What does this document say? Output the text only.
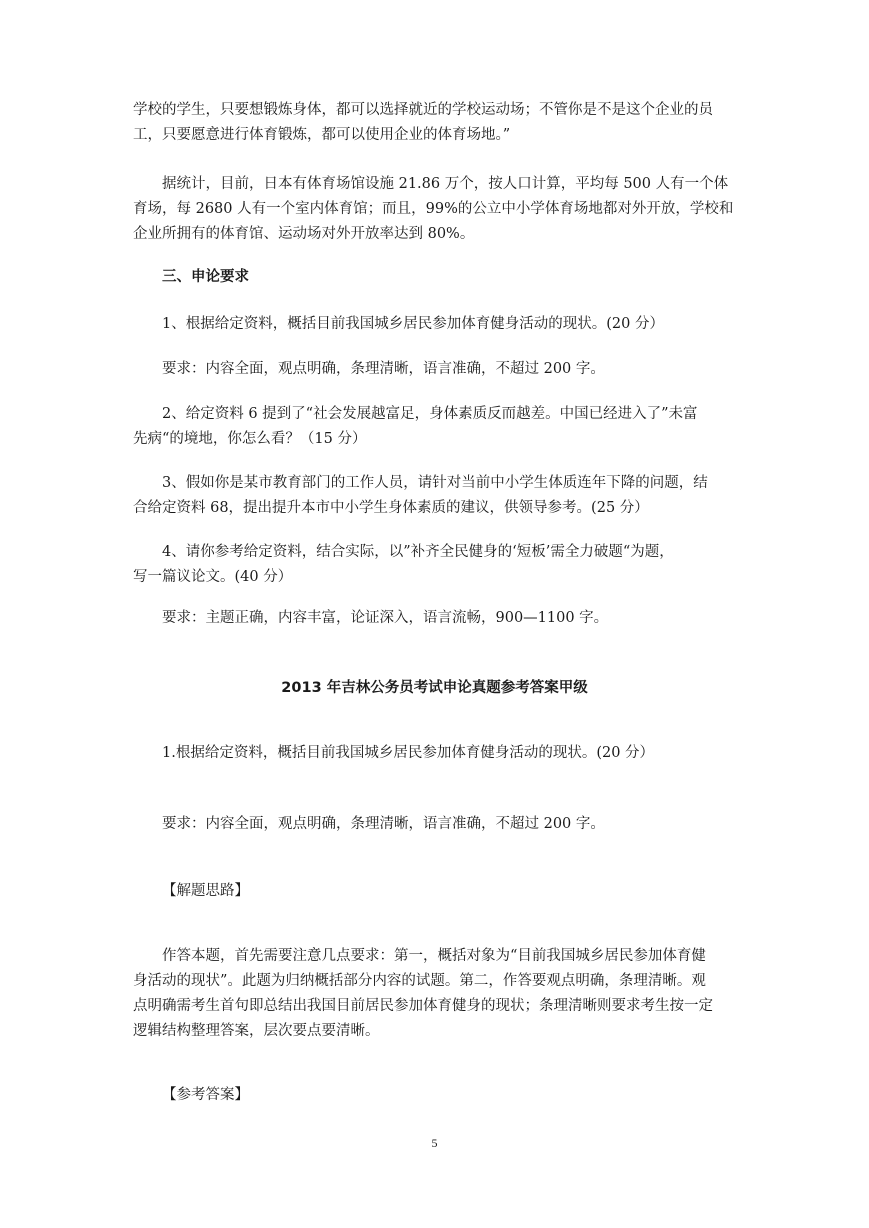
学校的学生，只要想锻炼身体，都可以选择就近的学校运动场；不管你是不是这个企业的员
工，只要愿意进行体育锻炼，都可以使用企业的体育场地。”

据统计，目前，日本有体育场馆设施 21.86 万个，按人口计算，平均每 500 人有一个体

育场，每 2680 人有一个室内体育馆；而且，99%的公立中小学体育场地都对外开放，学校和
企业所拥有的体育馆、运动场对外开放率达到 80%。

三、申论要求

1、根据给定资料，概括目前我国城乡居民参加体育健身活动的现状。(20 分）

要求：内容全面，观点明确，条理清晰，语言准确，不超过 200 字。

2、给定资料 6 提到了“社会发展越富足，身体素质反而越差。中国已经进入了”未富

先病“的境地，你怎么看？（15 分）

3、假如你是某市教育部门的工作人员，请针对当前中小学生体质连年下降的问题，结

合给定资料 68，提出提升本市中小学生身体素质的建议，供领导参考。(25 分）

4、请你参考给定资料，结合实际，以”补齐全民健身的‘短板’需全力破题“为题，

写一篇议论文。(40 分）

要求：主题正确，内容丰富，论证深入，语言流畅，900—1100 字。

2013 年吉林公务员考试申论真题参考答案甲级

1.根据给定资料，概括目前我国城乡居民参加体育健身活动的现状。(20 分）

要求：内容全面，观点明确，条理清晰，语言准确，不超过 200 字。

【解题思路】

作答本题，首先需要注意几点要求：第一，概括对象为“目前我国城乡居民参加体育健

身活动的现状”。此题为归纳概括部分内容的试题。第二，作答要观点明确，条理清晰。观
点明确需考生首句即总结出我国目前居民参加体育健身的现状；条理清晰则要求考生按一定
逻辑结构整理答案，层次要点要清晰。

【参考答案】

5
